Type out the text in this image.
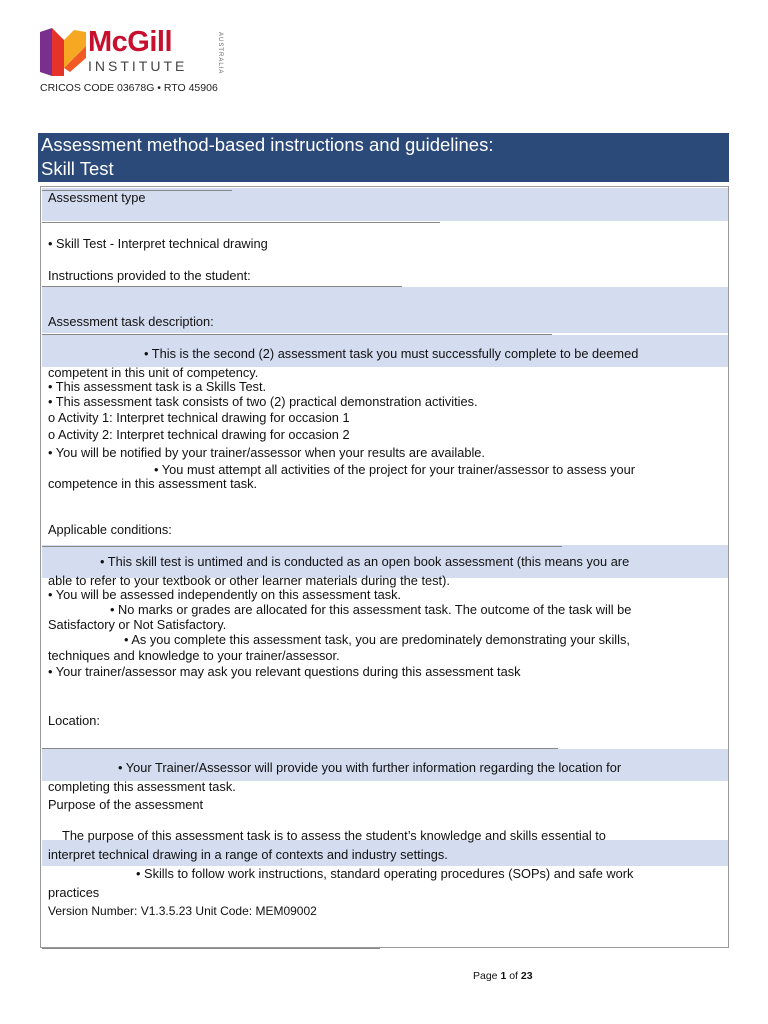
McGill
INSTITUTE	AUSTRALIA
CRICOS CODE 03678G • RTO 45906
Assessment method-based instructions and guidelines:
Skill Test
Assessment type
• Skill Test - Interpret technical drawing
Instructions provided to the student:
Assessment task description:
• This is the second (2) assessment task you must successfully complete to be deemed
competent in this unit of competency.
• This assessment task is a Skills Test.
• This assessment task consists of two (2) practical demonstration activities.
o Activity 1: Interpret technical drawing for occasion 1
o Activity 2: Interpret technical drawing for occasion 2
• You will be notified by your trainer/assessor when your results are available.
• You must attempt all activities of the project for your trainer/assessor to assess your
competence in this assessment task.
Applicable conditions:
• This skill test is untimed and is conducted as an open book assessment (this means you are
able to refer to your textbook or other learner materials during the test).
• You will be assessed independently on this assessment task.
• No marks or grades are allocated for this assessment task. The outcome of the task will be
Satisfactory or Not Satisfactory.
• As you complete this assessment task, you are predominately demonstrating your skills,
techniques and knowledge to your trainer/assessor.
• Your trainer/assessor may ask you relevant questions during this assessment task
Location:
• Your Trainer/Assessor will provide you with further information regarding the location for
completing this assessment task.
Purpose of the assessment
The purpose of this assessment task is to assess the student’s knowledge and skills essential to
interpret technical drawing in a range of contexts and industry settings.
• Skills to follow work instructions, standard operating procedures (SOPs) and safe work
practices
Version Number: V1.3.5.23 Unit Code: MEM09002
Page 1 of 23
